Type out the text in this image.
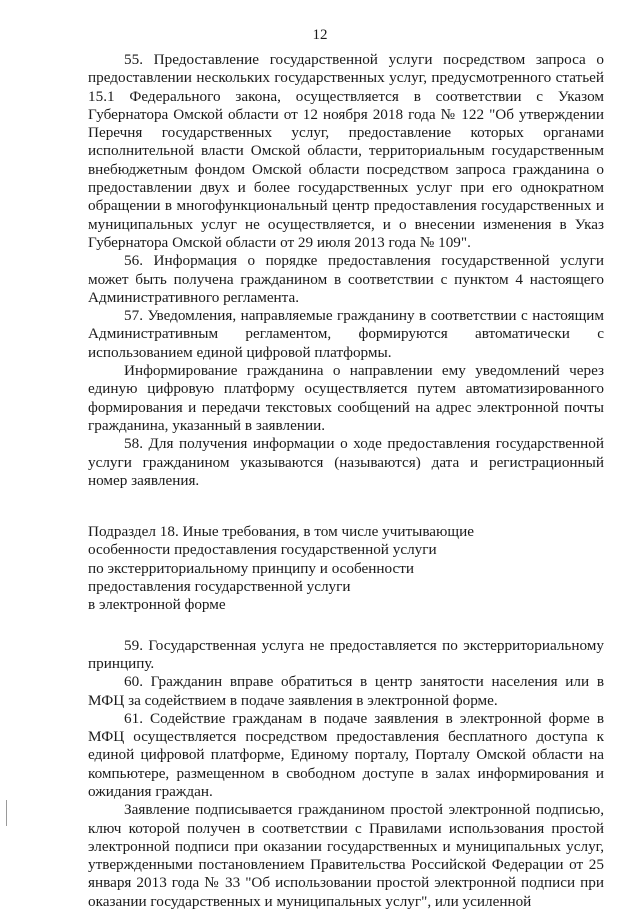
12

55. Предоставление государственной услуги посредством запроса о предоставлении нескольких государственных услуг, предусмотренного статьей 15.1 Федерального закона, осуществляется в соответствии с Указом Губернатора Омской области от 12 ноября 2018 года № 122 "Об утверждении Перечня государственных услуг, предоставление которых органами исполнительной власти Омской области, территориальным государственным внебюджетным фондом Омской области посредством запроса гражданина о предоставлении двух и более государственных услуг при его однократном обращении в многофункциональный центр предоставления государственных и муниципальных услуг не осуществляется, и о внесении изменения в Указ Губернатора Омской области от 29 июля 2013 года № 109".

56. Информация о порядке предоставления государственной услуги может быть получена гражданином в соответствии с пунктом 4 настоящего Административного регламента.

57. Уведомления, направляемые гражданину в соответствии с настоящим Административным регламентом, формируются автоматически с использованием единой цифровой платформы.

Информирование гражданина о направлении ему уведомлений через единую цифровую платформу осуществляется путем автоматизированного формирования и передачи текстовых сообщений на адрес электронной почты гражданина, указанный в заявлении.

58. Для получения информации о ходе предоставления государственной услуги гражданином указываются (называются) дата и регистрационный номер заявления.

Подраздел 18. Иные требования, в том числе учитывающие
особенности предоставления государственной услуги
по экстерриториальному принципу и особенности
предоставления государственной услуги
в электронной форме

59. Государственная услуга не предоставляется по экстерриториальному принципу.

60. Гражданин вправе обратиться в центр занятости населения или в МФЦ за содействием в подаче заявления в электронной форме.

61. Содействие гражданам в подаче заявления в электронной форме в МФЦ осуществляется посредством предоставления бесплатного доступа к единой цифровой платформе, Единому порталу, Порталу Омской области на компьютере, размещенном в свободном доступе в залах информирования и ожидания граждан.

Заявление подписывается гражданином простой электронной подписью, ключ которой получен в соответствии с Правилами использования простой электронной подписи при оказании государственных и муниципальных услуг, утвержденными постановлением Правительства Российской Федерации от 25 января 2013 года № 33 "Об использовании простой электронной подписи при оказании государственных и муниципальных услуг", или усиленной
